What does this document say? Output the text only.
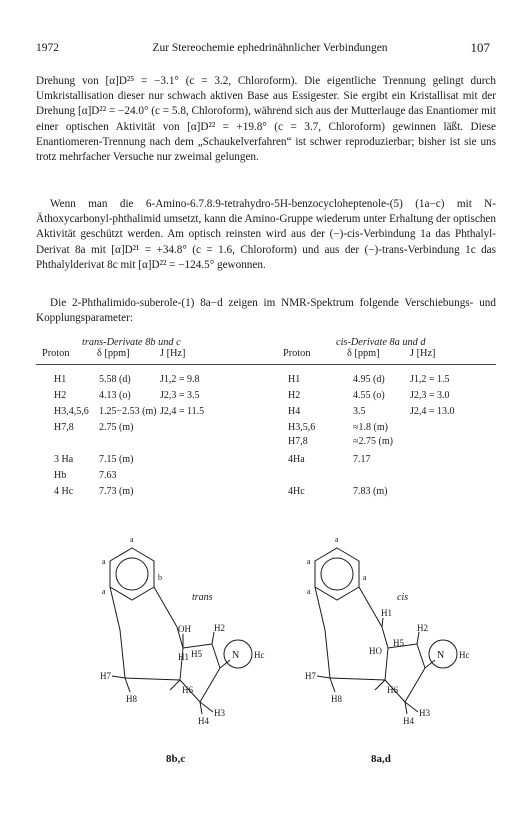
1972	Zur Stereochemie ephedrinähnlicher Verbindungen	107

Drehung von [α]D²⁵ = −3.1° (c = 3.2, Chloroform). Die eigentliche Trennung gelingt durch Umkristallisation dieser nur schwach aktiven Base aus Essigester. Sie ergibt ein Kristallisat mit der Drehung [α]D²² = −24.0° (c = 5.8, Chloroform), während sich aus der Mutterlauge das Enantiomer mit einer optischen Aktivität von [α]D²² = +19.8° (c = 3.7, Chloroform) gewinnen läßt. Diese Enantiomeren-Trennung nach dem „Schaukelverfahren“ ist schwer reproduzierbar; bisher ist sie uns trotz mehrfacher Versuche nur zweimal gelungen.

Wenn man die 6-Amino-6.7.8.9-tetrahydro-5H-benzocycloheptenole-(5) (1a−c) mit N-Äthoxycarbonyl-phthalimid umsetzt, kann die Amino-Gruppe wiederum unter Erhaltung der optischen Aktivität geschützt werden. Am optisch reinsten wird aus der (−)-cis-Verbindung 1a das Phthalyl-Derivat 8a mit [α]D²¹ = +34.8° (c = 1.6, Chloroform) und aus der (−)-trans-Verbindung 1c das Phthalylderivat 8c mit [α]D²² = −124.5° gewonnen.

Die 2-Phthalimido-suberole-(1) 8a−d zeigen im NMR-Spektrum folgende Verschiebungs- und Kopplungsparameter:

trans-Derivate 8b und c	cis-Derivate 8a und d
Proton	δ [ppm]	J [Hz]	Proton	δ [ppm]	J [Hz]
H1	5.58 (d)	J1,2 = 9.8
H2	4.13 (o)	J2,3 = 3.5
H3,4,5,6 1.25−2.53 (m) J2,4 = 11.5
H7,8	2.75 (m)
3 Ha	7.15 (m)
Hb	7.63
4 Hc	7.73 (m)
H1	4.95 (d)	J1,2 = 1.5
H2	4.55 (o)	J2,3 = 3.0
H4	3.5	J2,4 = 13.0
H3,5,6	≈1.8 (m)
H7,8	≈2.75 (m)
4Ha	7.17
4Hc	7.83 (m)
a
a
b
a
OH
H1 H5
H2
N Hc
H7
H8
H6
H3
H4
trans
8b,c
a
a
a
a
H1
HO
H5
H2
N Hc
H7
H8
H6
H3
H4
cis
8a,d
